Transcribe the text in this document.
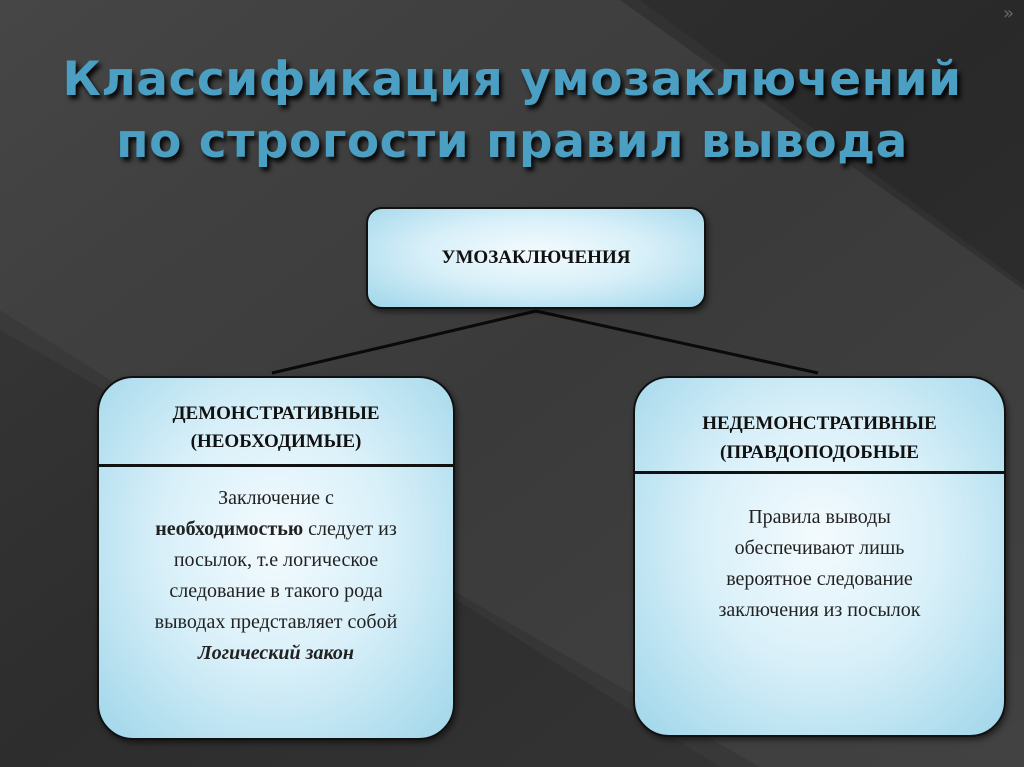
»
Классификация умозаключений
по строгости правил вывода
УМОЗАКЛЮЧЕНИЯ
ДЕМОНСТРАТИВНЫЕ
(НЕОБХОДИМЫЕ)
Заключение с
необходимостью следует из
посылок, т.е логическое
следование в такого рода
выводах представляет собой
Логический закон
НЕДЕМОНСТРАТИВНЫЕ
(ПРАВДОПОДОБНЫЕ
Правила выводы
обеспечивают лишь
вероятное следование
заключения из посылок
